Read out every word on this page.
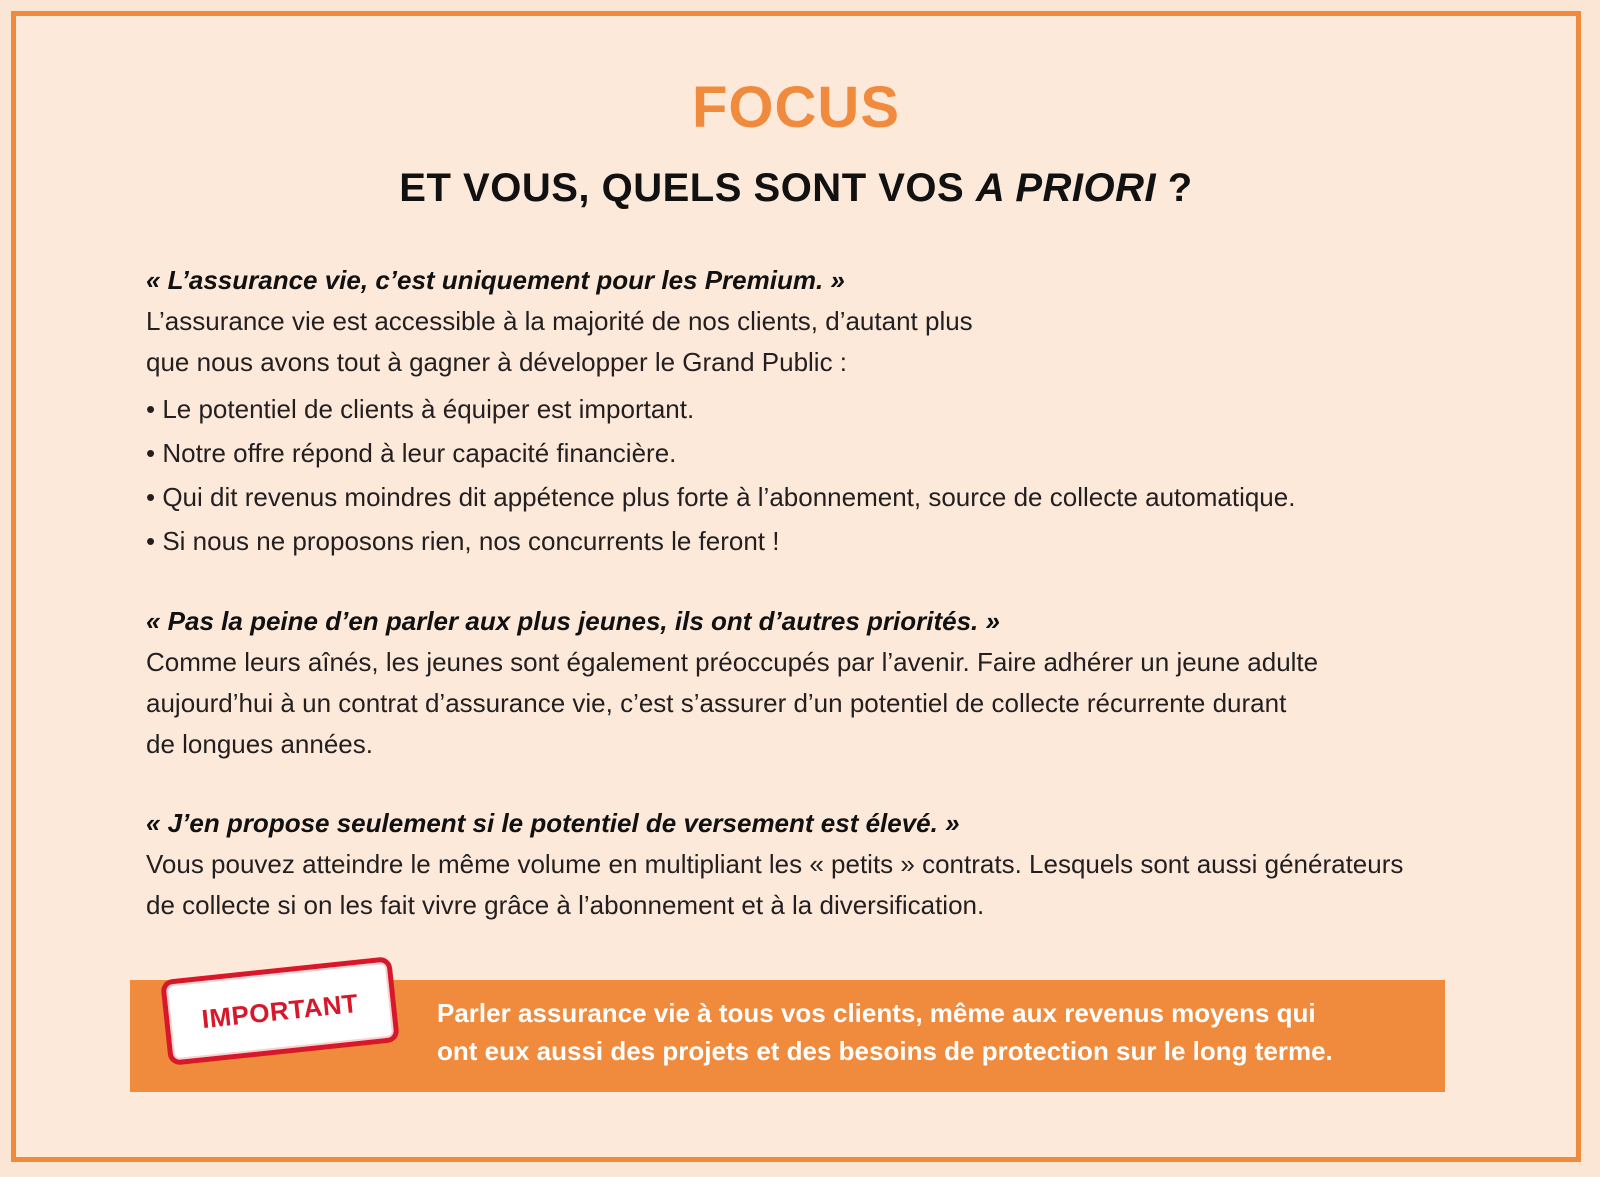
FOCUS
ET VOUS, QUELS SONT VOS A PRIORI ?
« L’assurance vie, c’est uniquement pour les Premium. »

L’assurance vie est accessible à la majorité de nos clients, d’autant plus

que nous avons tout à gagner à développer le Grand Public :

• Le potentiel de clients à équiper est important.
• Notre offre répond à leur capacité financière.
• Qui dit revenus moindres dit appétence plus forte à l’abonnement, source de collecte automatique.
• Si nous ne proposons rien, nos concurrents le feront !
« Pas la peine d’en parler aux plus jeunes, ils ont d’autres priorités. »

Comme leurs aînés, les jeunes sont également préoccupés par l’avenir. Faire adhérer un jeune adulte

aujourd’hui à un contrat d’assurance vie, c’est s’assurer d’un potentiel de collecte récurrente durant

de longues années.

« J’en propose seulement si le potentiel de versement est élevé. »

Vous pouvez atteindre le même volume en multipliant les « petits » contrats. Lesquels sont aussi générateurs

de collecte si on les fait vivre grâce à l’abonnement et à la diversification.

IMPORTANT	Parler assurance vie à tous vos clients, même aux revenus moyens qui
ont eux aussi des projets et des besoins de protection sur le long terme.
